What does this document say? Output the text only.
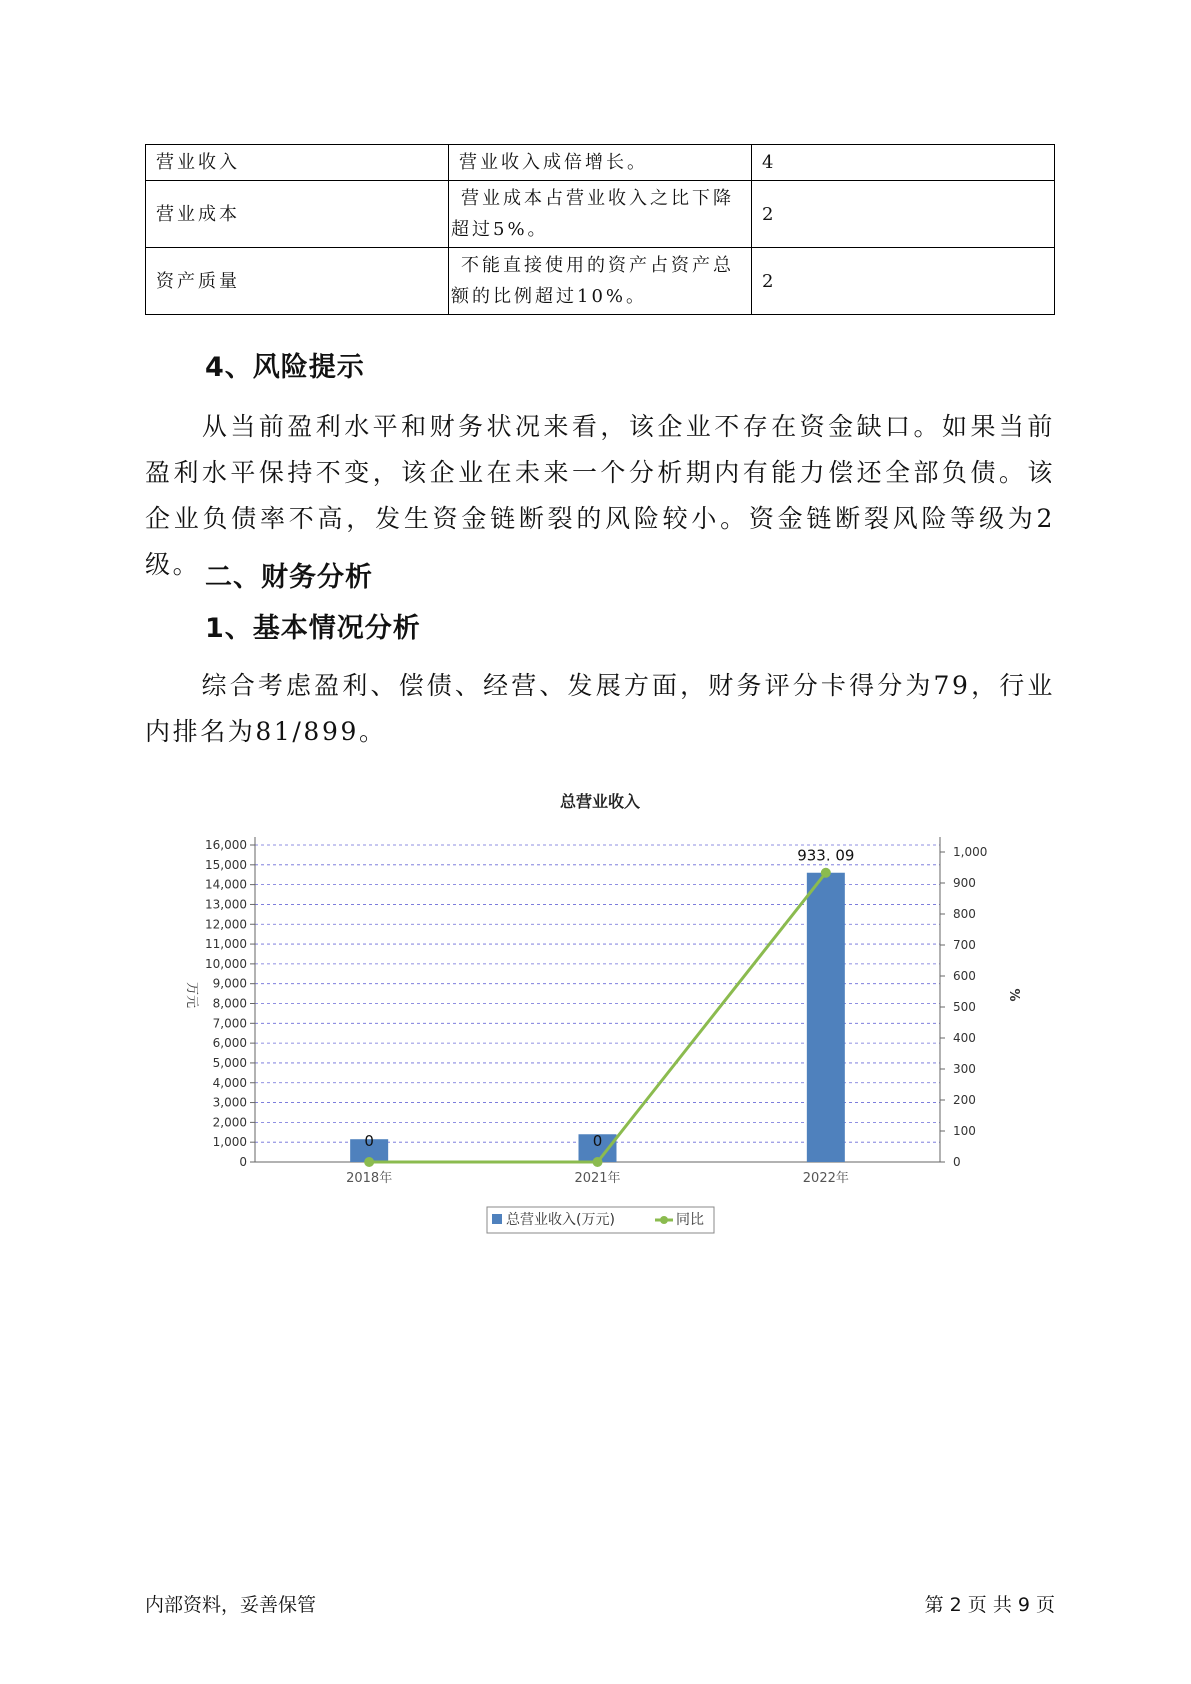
营业收入	营业收入成倍增长。	4
营业成本	营业成本占营业收入之比下降超过5%。	2
资产质量	不能直接使用的资产占资产总额的比例超过10%。	2
4、风险提示
从当前盈利水平和财务状况来看，该企业不存在资金缺口。如果当前盈利水平保持不变，该企业在未来一个分析期内有能力偿还全部负债。该企业负债率不高，发生资金链断裂的风险较小。资金链断裂风险等级为2级。 二、财务分析
1、基本情况分析
综合考虑盈利、偿债、经营、发展方面，财务评分卡得分为79，行业内排名为81/899。
总营业收入
0
1,000
2,000
3,000
4,000
5,000
6,000
7,000
8,000
9,000
10,000
11,000
12,000
13,000
14,000
15,000
16,000
0
100
200
300
400
500
600
700
800
900
1,000
2018年	2021年	2022年
0	0
933. 09
万元	%
总营业收入(万元)	同比
内部资料，妥善保管	第 2 页 共 9 页
